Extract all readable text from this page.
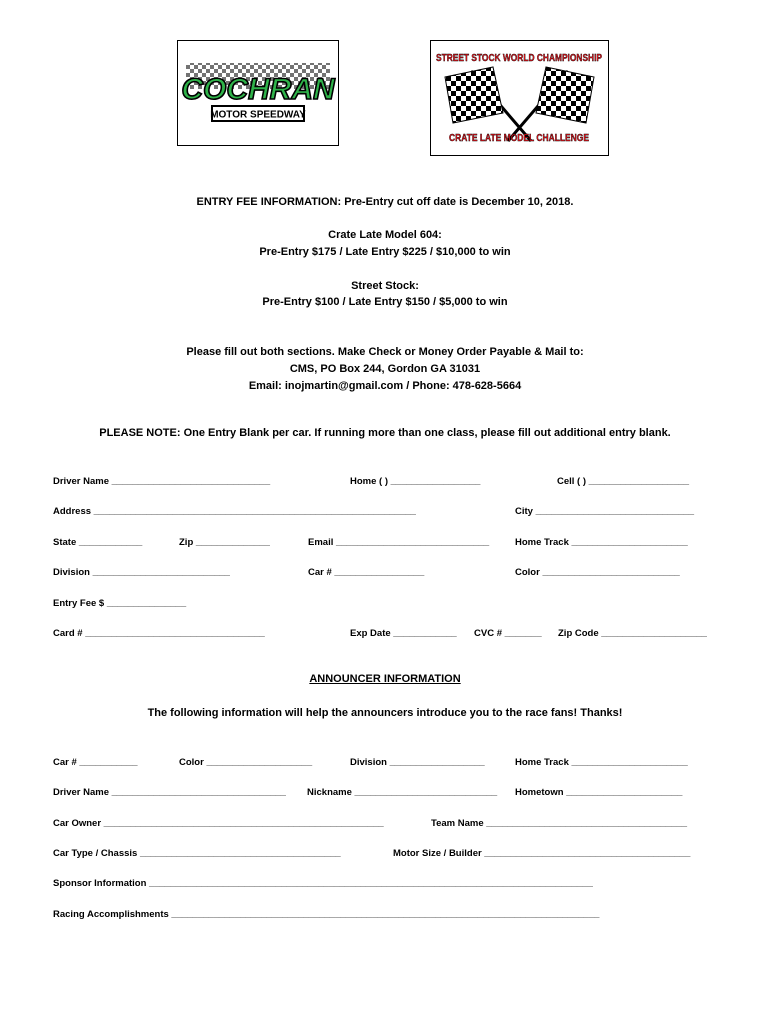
COCHRAN
MOTOR SPEEDWAY
STREET STOCK WORLD CHAMPIONSHIP
CRATE LATE MODEL CHALLENGE
ENTRY FEE INFORMATION: Pre-Entry cut off date is December 10, 2018.
Crate Late Model 604:
Pre-Entry $175 / Late Entry $225 / $10,000 to win
Street Stock:
Pre-Entry $100 / Late Entry $150 / $5,000 to win
Please fill out both sections. Make Check or Money Order Payable & Mail to:
CMS, PO Box 244, Gordon GA 31031
Email: inojmartin@gmail.com / Phone: 478-628-5664
PLEASE NOTE: One Entry Blank per car. If running more than one class, please fill out additional entry blank.
Driver Name ______________________________	Home ( ) _________________	Cell ( ) ___________________
Address _____________________________________________________________	City ______________________________
State ____________	Zip ______________	Email _____________________________	Home Track ______________________
Division __________________________	Car # _________________	Color __________________________
Entry Fee $ _______________
Card # __________________________________	Exp Date ____________ CVC # _______ Zip Code ____________________
ANNOUNCER INFORMATION
The following information will help the announcers introduce you to the race fans! Thanks!
Car # ___________	Color ____________________	Division __________________	Home Track ______________________
Driver Name _________________________________ Nickname ___________________________ Hometown ______________________
Car Owner _____________________________________________________	Team Name ______________________________________
Car Type / Chassis ______________________________________	Motor Size / Builder _______________________________________
Sponsor Information ____________________________________________________________________________________
Racing Accomplishments _________________________________________________________________________________
